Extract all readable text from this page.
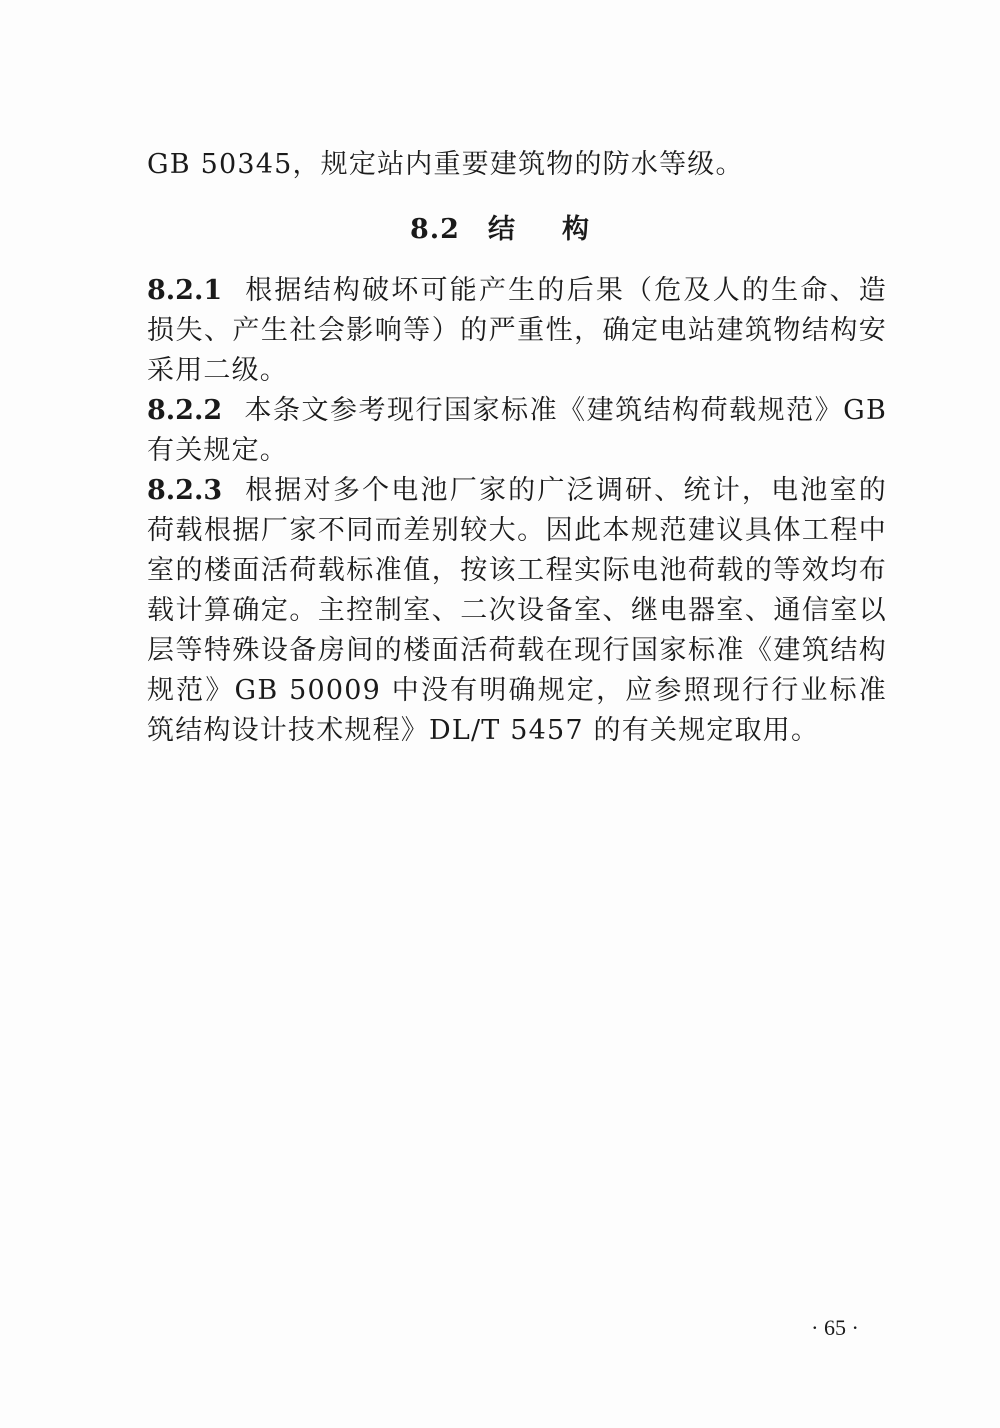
GB 50345，规定站内重要建筑物的防水等级。
8.2 结 构
8.2.1 根据结构破坏可能产生的后果（危及人的生命、造
损失、产生社会影响等）的严重性，确定电站建筑物结构安
采用二级。
8.2.2 本条文参考现行国家标准《建筑结构荷载规范》GB
有关规定。
8.2.3 根据对多个电池厂家的广泛调研、统计，电池室的
荷载根据厂家不同而差别较大。因此本规范建议具体工程中
室的楼面活荷载标准值，按该工程实际电池荷载的等效均布
载计算确定。主控制室、二次设备室、继电器室、通信室以
层等特殊设备房间的楼面活荷载在现行国家标准《建筑结构
规范》GB 50009 中没有明确规定，应参照现行行业标准
筑结构设计技术规程》DL/T 5457 的有关规定取用。
· 65 ·
